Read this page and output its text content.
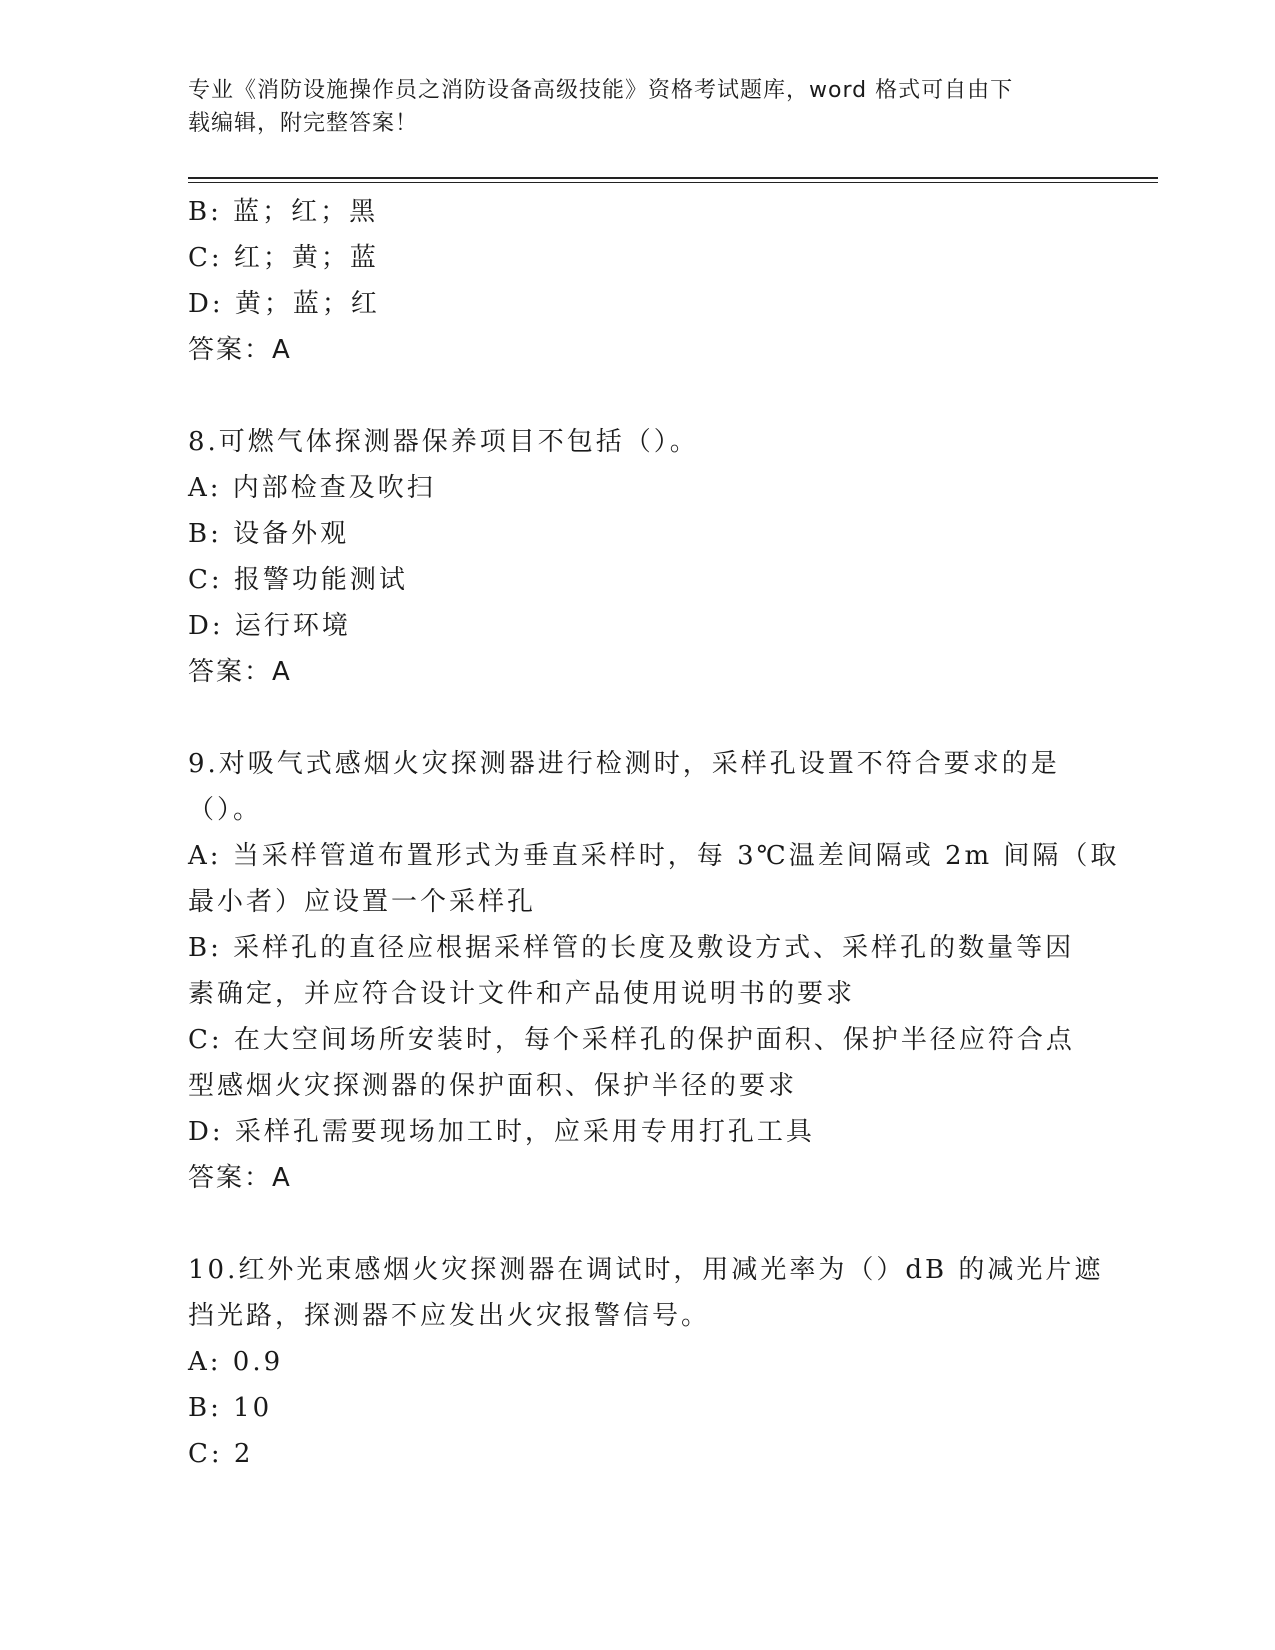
专业《消防设施操作员之消防设备高级技能》资格考试题库，word 格式可自由下
载编辑，附完整答案！
B: 蓝；红；黑
C: 红；黄；蓝
D: 黄；蓝；红
答案：A
8.可燃气体探测器保养项目不包括（）。
A: 内部检查及吹扫
B: 设备外观
C: 报警功能测试
D: 运行环境
答案：A
9.对吸气式感烟火灾探测器进行检测时，采样孔设置不符合要求的是
（）。
A: 当采样管道布置形式为垂直采样时，每 3℃温差间隔或 2m 间隔（取
最小者）应设置一个采样孔
B: 采样孔的直径应根据采样管的长度及敷设方式、采样孔的数量等因
素确定，并应符合设计文件和产品使用说明书的要求
C: 在大空间场所安装时，每个采样孔的保护面积、保护半径应符合点
型感烟火灾探测器的保护面积、保护半径的要求
D: 采样孔需要现场加工时，应采用专用打孔工具
答案：A
10.红外光束感烟火灾探测器在调试时，用减光率为（）dB 的减光片遮
挡光路，探测器不应发出火灾报警信号。
A: 0.9
B: 10
C: 2
